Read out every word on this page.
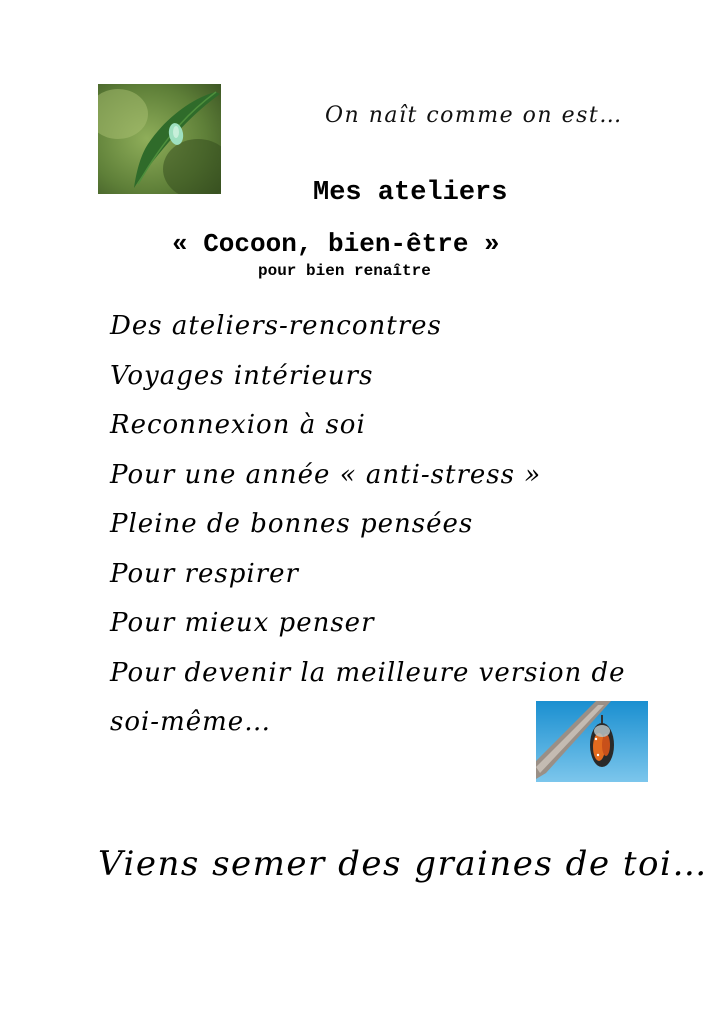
On naît comme on est…
Mes ateliers
« Cocoon, bien-être »
pour bien renaître
Des ateliers-rencontres
Voyages intérieurs
Reconnexion à soi
Pour une année « anti-stress »
Pleine de bonnes pensées
Pour respirer
Pour mieux penser
Pour devenir la meilleure version de
soi-même…
Viens semer des graines de toi…
